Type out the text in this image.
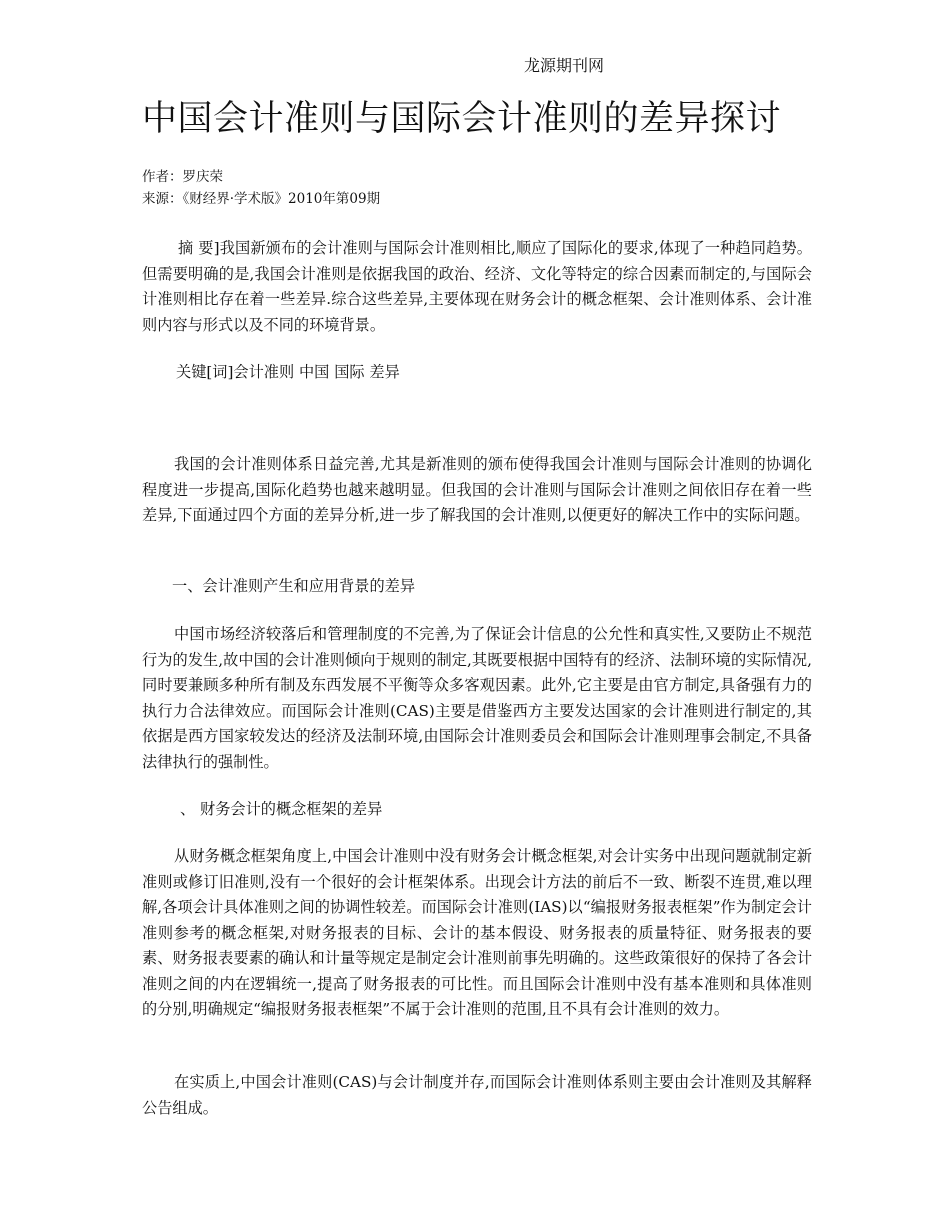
龙源期刊网
中国会计准则与国际会计准则的差异探讨
作者：罗庆荣
来源：《财经界·学术版》2010年第09期

摘 要]我国新颁布的会计准则与国际会计准则相比,顺应了国际化的要求,体现了一种趋同趋势。但需要明确的是,我国会计准则是依据我国的政治、经济、文化等特定的综合因素而制定的,与国际会计准则相比存在着一些差异.综合这些差异,主要体现在财务会计的概念框架、会计准则体系、会计准则内容与形式以及不同的环境背景。

关键[词]会计准则 中国 国际 差异

我国的会计准则体系日益完善,尤其是新准则的颁布使得我国会计准则与国际会计准则的协调化程度进一步提高,国际化趋势也越来越明显。但我国的会计准则与国际会计准则之间依旧存在着一些差异,下面通过四个方面的差异分析,进一步了解我国的会计准则,以便更好的解决工作中的实际问题。

一、会计准则产生和应用背景的差异

中国市场经济较落后和管理制度的不完善,为了保证会计信息的公允性和真实性,又要防止不规范行为的发生,故中国的会计准则倾向于规则的制定,其既要根据中国特有的经济、法制环境的实际情况,同时要兼顾多种所有制及东西发展不平衡等众多客观因素。此外,它主要是由官方制定,具备强有力的执行力合法律效应。而国际会计准则(CAS)主要是借鉴西方主要发达国家的会计准则进行制定的,其依据是西方国家较发达的经济及法制环境,由国际会计准则委员会和国际会计准则理事会制定,不具备法律执行的强制性。

、 财务会计的概念框架的差异

从财务概念框架角度上,中国会计准则中没有财务会计概念框架,对会计实务中出现问题就制定新准则或修订旧准则,没有一个很好的会计框架体系。出现会计方法的前后不一致、断裂不连贯,难以理解,各项会计具体准则之间的协调性较差。而国际会计准则(IAS)以“编报财务报表框架”作为制定会计准则参考的概念框架,对财务报表的目标、会计的基本假设、财务报表的质量特征、财务报表的要素、财务报表要素的确认和计量等规定是制定会计准则前事先明确的。这些政策很好的保持了各会计准则之间的内在逻辑统一,提高了财务报表的可比性。而且国际会计准则中没有基本准则和具体准则的分别,明确规定“编报财务报表框架”不属于会计准则的范围,且不具有会计准则的效力。

在实质上,中国会计准则(CAS)与会计制度并存,而国际会计准则体系则主要由会计准则及其解释公告组成。
